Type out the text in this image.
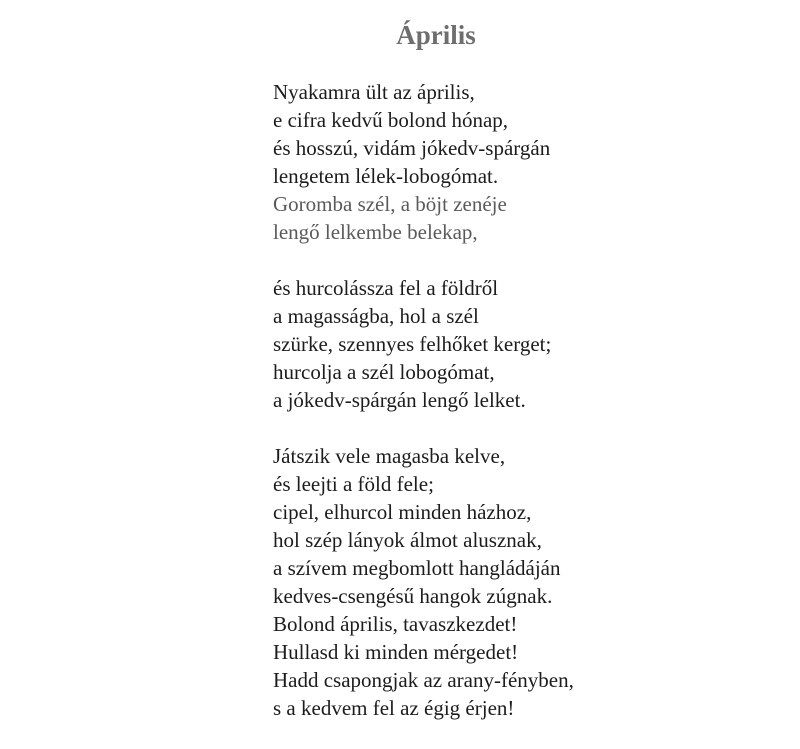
Április

Nyakamra ült az április,
e cifra kedvű bolond hónap,
és hosszú, vidám jókedv-spárgán
lengetem lélek-lobogómat.
Goromba szél, a böjt zenéje
lengő lelkembe belekap,

és hurcolássza fel a földről
a magasságba, hol a szél
szürke, szennyes felhőket kerget;
hurcolja a szél lobogómat,
a jókedv-spárgán lengő lelket.

Játszik vele magasba kelve,
és leejti a föld fele;
cipel, elhurcol minden házhoz,
hol szép lányok álmot alusznak,
a szívem megbomlott hangládáján
kedves-csengésű hangok zúgnak.
Bolond április, tavaszkezdet!
Hullasd ki minden mérgedet!
Hadd csapongjak az arany-fényben,
s a kedvem fel az égig érjen!
